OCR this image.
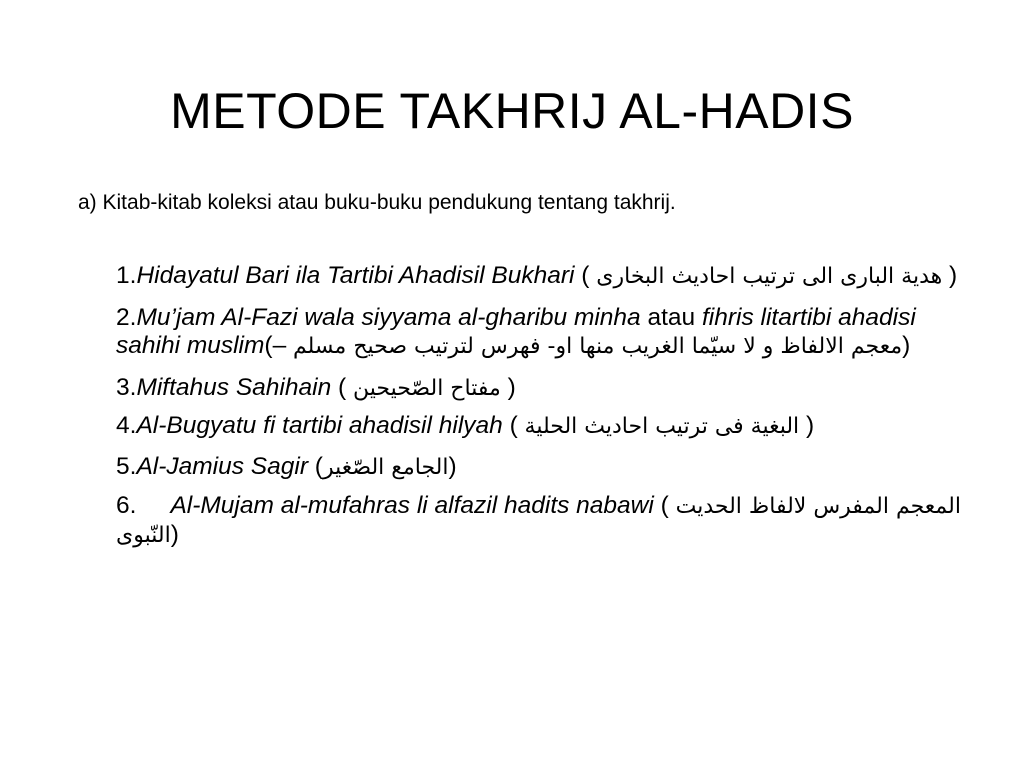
METODE TAKHRIJ AL-HADIS

a) Kitab-kitab koleksi atau buku-buku pendukung tentang takhrij.

1.Hidayatul Bari ila Tartibi Ahadisil Bukhari ( هدية البارى الى ترتيب احاديث البخارى )
2.Mu’jam Al-Fazi wala siyyama al-gharibu minha atau fihris litartibi ahadisi sahihi muslim(– معجم الالفاظ و لا سيّما الغريب منها او- فهرس لترتيب صحيح مسلم)
3.Miftahus Sahihain ( مفتاح الصّحيحين )
4.Al-Bugyatu fi tartibi ahadisil hilyah ( البغية فى ترتيب احاديث الحلية )
5.Al-Jamius Sagir (الجامع الصّغير)
6. Al-Mujam al-mufahras li alfazil hadits nabawi ( المعجم المفرس لالفاظ الحديت النّبوى)
